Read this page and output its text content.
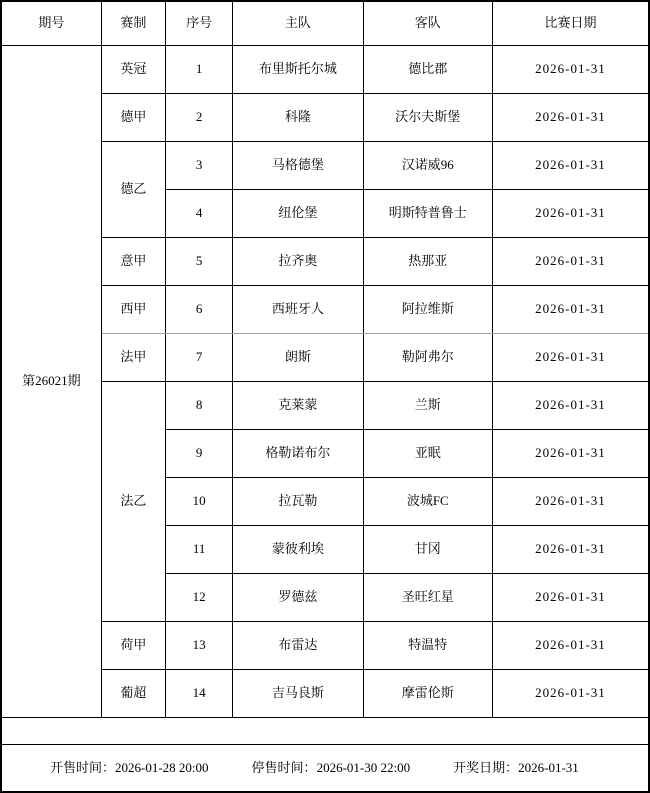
期号	赛制	序号	主队	客队	比赛日期
第26021期	英冠	1	布里斯托尔城	德比郡	2026-01-31
	德甲	2	科隆	沃尔夫斯堡	2026-01-31
	德乙	3	马格德堡	汉诺威96	2026-01-31
		4	纽伦堡	明斯特普鲁士	2026-01-31
	意甲	5	拉齐奥	热那亚	2026-01-31
	西甲	6	西班牙人	阿拉维斯	2026-01-31
	法甲	7	朗斯	勒阿弗尔	2026-01-31
	法乙	8	克莱蒙	兰斯	2026-01-31
		9	格勒诺布尔	亚眠	2026-01-31
		10	拉瓦勒	波城FC	2026-01-31
		11	蒙彼利埃	甘冈	2026-01-31
		12	罗德兹	圣旺红星	2026-01-31
	荷甲	13	布雷达	特温特	2026-01-31
	葡超	14	吉马良斯	摩雷伦斯	2026-01-31

开售时间：2026-01-28 20:00 停售时间：2026-01-30 22:00 开奖日期：2026-01-31					
